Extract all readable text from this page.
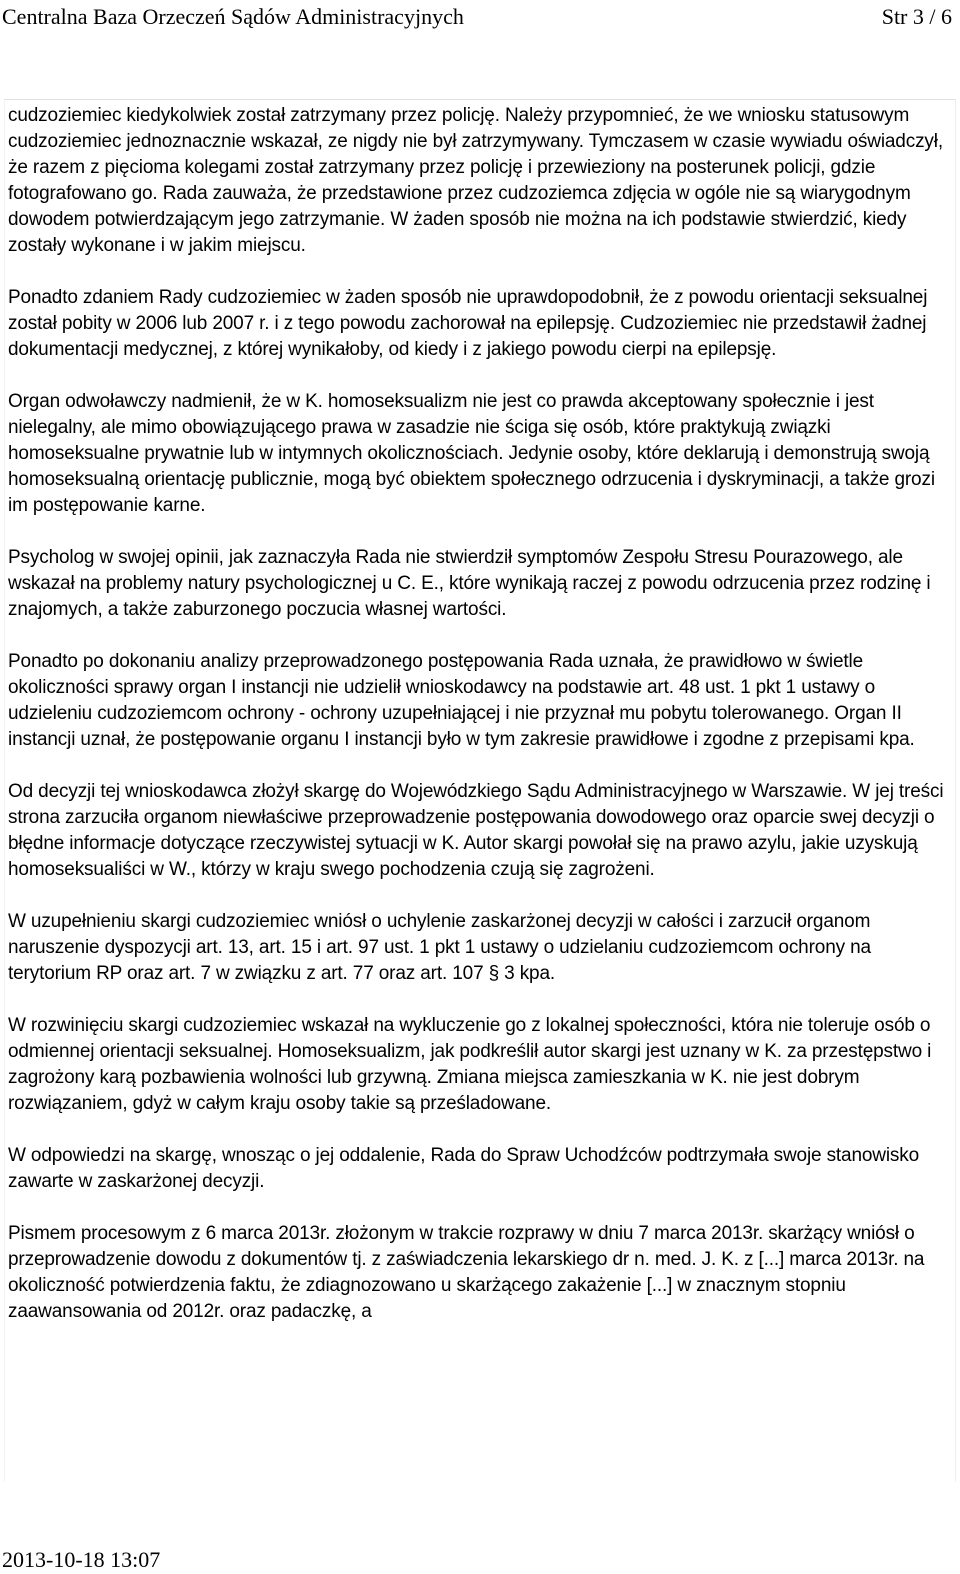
Centralna Baza Orzeczeń Sądów Administracyjnych	Str 3 / 6

cudzoziemiec kiedykolwiek został zatrzymany przez policję. Należy przypomnieć, że we wniosku statusowym cudzoziemiec jednoznacznie wskazał, ze nigdy nie był zatrzymywany. Tymczasem w czasie wywiadu oświadczył, że razem z pięcioma kolegami został zatrzymany przez policję i przewieziony na posterunek policji, gdzie fotografowano go. Rada zauważa, że przedstawione przez cudzoziemca zdjęcia w ogóle nie są wiarygodnym dowodem potwierdzającym jego zatrzymanie. W żaden sposób nie można na ich podstawie stwierdzić, kiedy zostały wykonane i w jakim miejscu.

Ponadto zdaniem Rady cudzoziemiec w żaden sposób nie uprawdopodobnił, że z powodu orientacji seksualnej został pobity w 2006 lub 2007 r. i z tego powodu zachorował na epilepsję. Cudzoziemiec nie przedstawił żadnej dokumentacji medycznej, z której wynikałoby, od kiedy i z jakiego powodu cierpi na epilepsję.

Organ odwoławczy nadmienił, że w K. homoseksualizm nie jest co prawda akceptowany społecznie i jest nielegalny, ale mimo obowiązującego prawa w zasadzie nie ściga się osób, które praktykują związki homoseksualne prywatnie lub w intymnych okolicznościach. Jedynie osoby, które deklarują i demonstrują swoją homoseksualną orientację publicznie, mogą być obiektem społecznego odrzucenia i dyskryminacji, a także grozi im postępowanie karne.

Psycholog w swojej opinii, jak zaznaczyła Rada nie stwierdził symptomów Zespołu Stresu Pourazowego, ale wskazał na problemy natury psychologicznej u C. E., które wynikają raczej z powodu odrzucenia przez rodzinę i znajomych, a także zaburzonego poczucia własnej wartości.

Ponadto po dokonaniu analizy przeprowadzonego postępowania Rada uznała, że prawidłowo w świetle okoliczności sprawy organ I instancji nie udzielił wnioskodawcy na podstawie art. 48 ust. 1 pkt 1 ustawy o udzieleniu cudzoziemcom ochrony - ochrony uzupełniającej i nie przyznał mu pobytu tolerowanego. Organ II instancji uznał, że postępowanie organu I instancji było w tym zakresie prawidłowe i zgodne z przepisami kpa.

Od decyzji tej wnioskodawca złożył skargę do Wojewódzkiego Sądu Administracyjnego w Warszawie. W jej treści strona zarzuciła organom niewłaściwe przeprowadzenie postępowania dowodowego oraz oparcie swej decyzji o błędne informacje dotyczące rzeczywistej sytuacji w K. Autor skargi powołał się na prawo azylu, jakie uzyskują homoseksualiści w W., którzy w kraju swego pochodzenia czują się zagrożeni.

W uzupełnieniu skargi cudzoziemiec wniósł o uchylenie zaskarżonej decyzji w całości i zarzucił organom naruszenie dyspozycji art. 13, art. 15 i art. 97 ust. 1 pkt 1 ustawy o udzielaniu cudzoziemcom ochrony na terytorium RP oraz art. 7 w związku z art. 77 oraz art. 107 § 3 kpa.

W rozwinięciu skargi cudzoziemiec wskazał na wykluczenie go z lokalnej społeczności, która nie toleruje osób o odmiennej orientacji seksualnej. Homoseksualizm, jak podkreślił autor skargi jest uznany w K. za przestępstwo i zagrożony karą pozbawienia wolności lub grzywną. Zmiana miejsca zamieszkania w K. nie jest dobrym rozwiązaniem, gdyż w całym kraju osoby takie są prześladowane.

W odpowiedzi na skargę, wnosząc o jej oddalenie, Rada do Spraw Uchodźców podtrzymała swoje stanowisko zawarte w zaskarżonej decyzji.

Pismem procesowym z 6 marca 2013r. złożonym w trakcie rozprawy w dniu 7 marca 2013r. skarżący wniósł o przeprowadzenie dowodu z dokumentów tj. z zaświadczenia lekarskiego dr n. med. J. K. z [...] marca 2013r. na okoliczność potwierdzenia faktu, że zdiagnozowano u skarżącego zakażenie [...] w znacznym stopniu zaawansowania od 2012r. oraz padaczkę, a

2013-10-18 13:07
